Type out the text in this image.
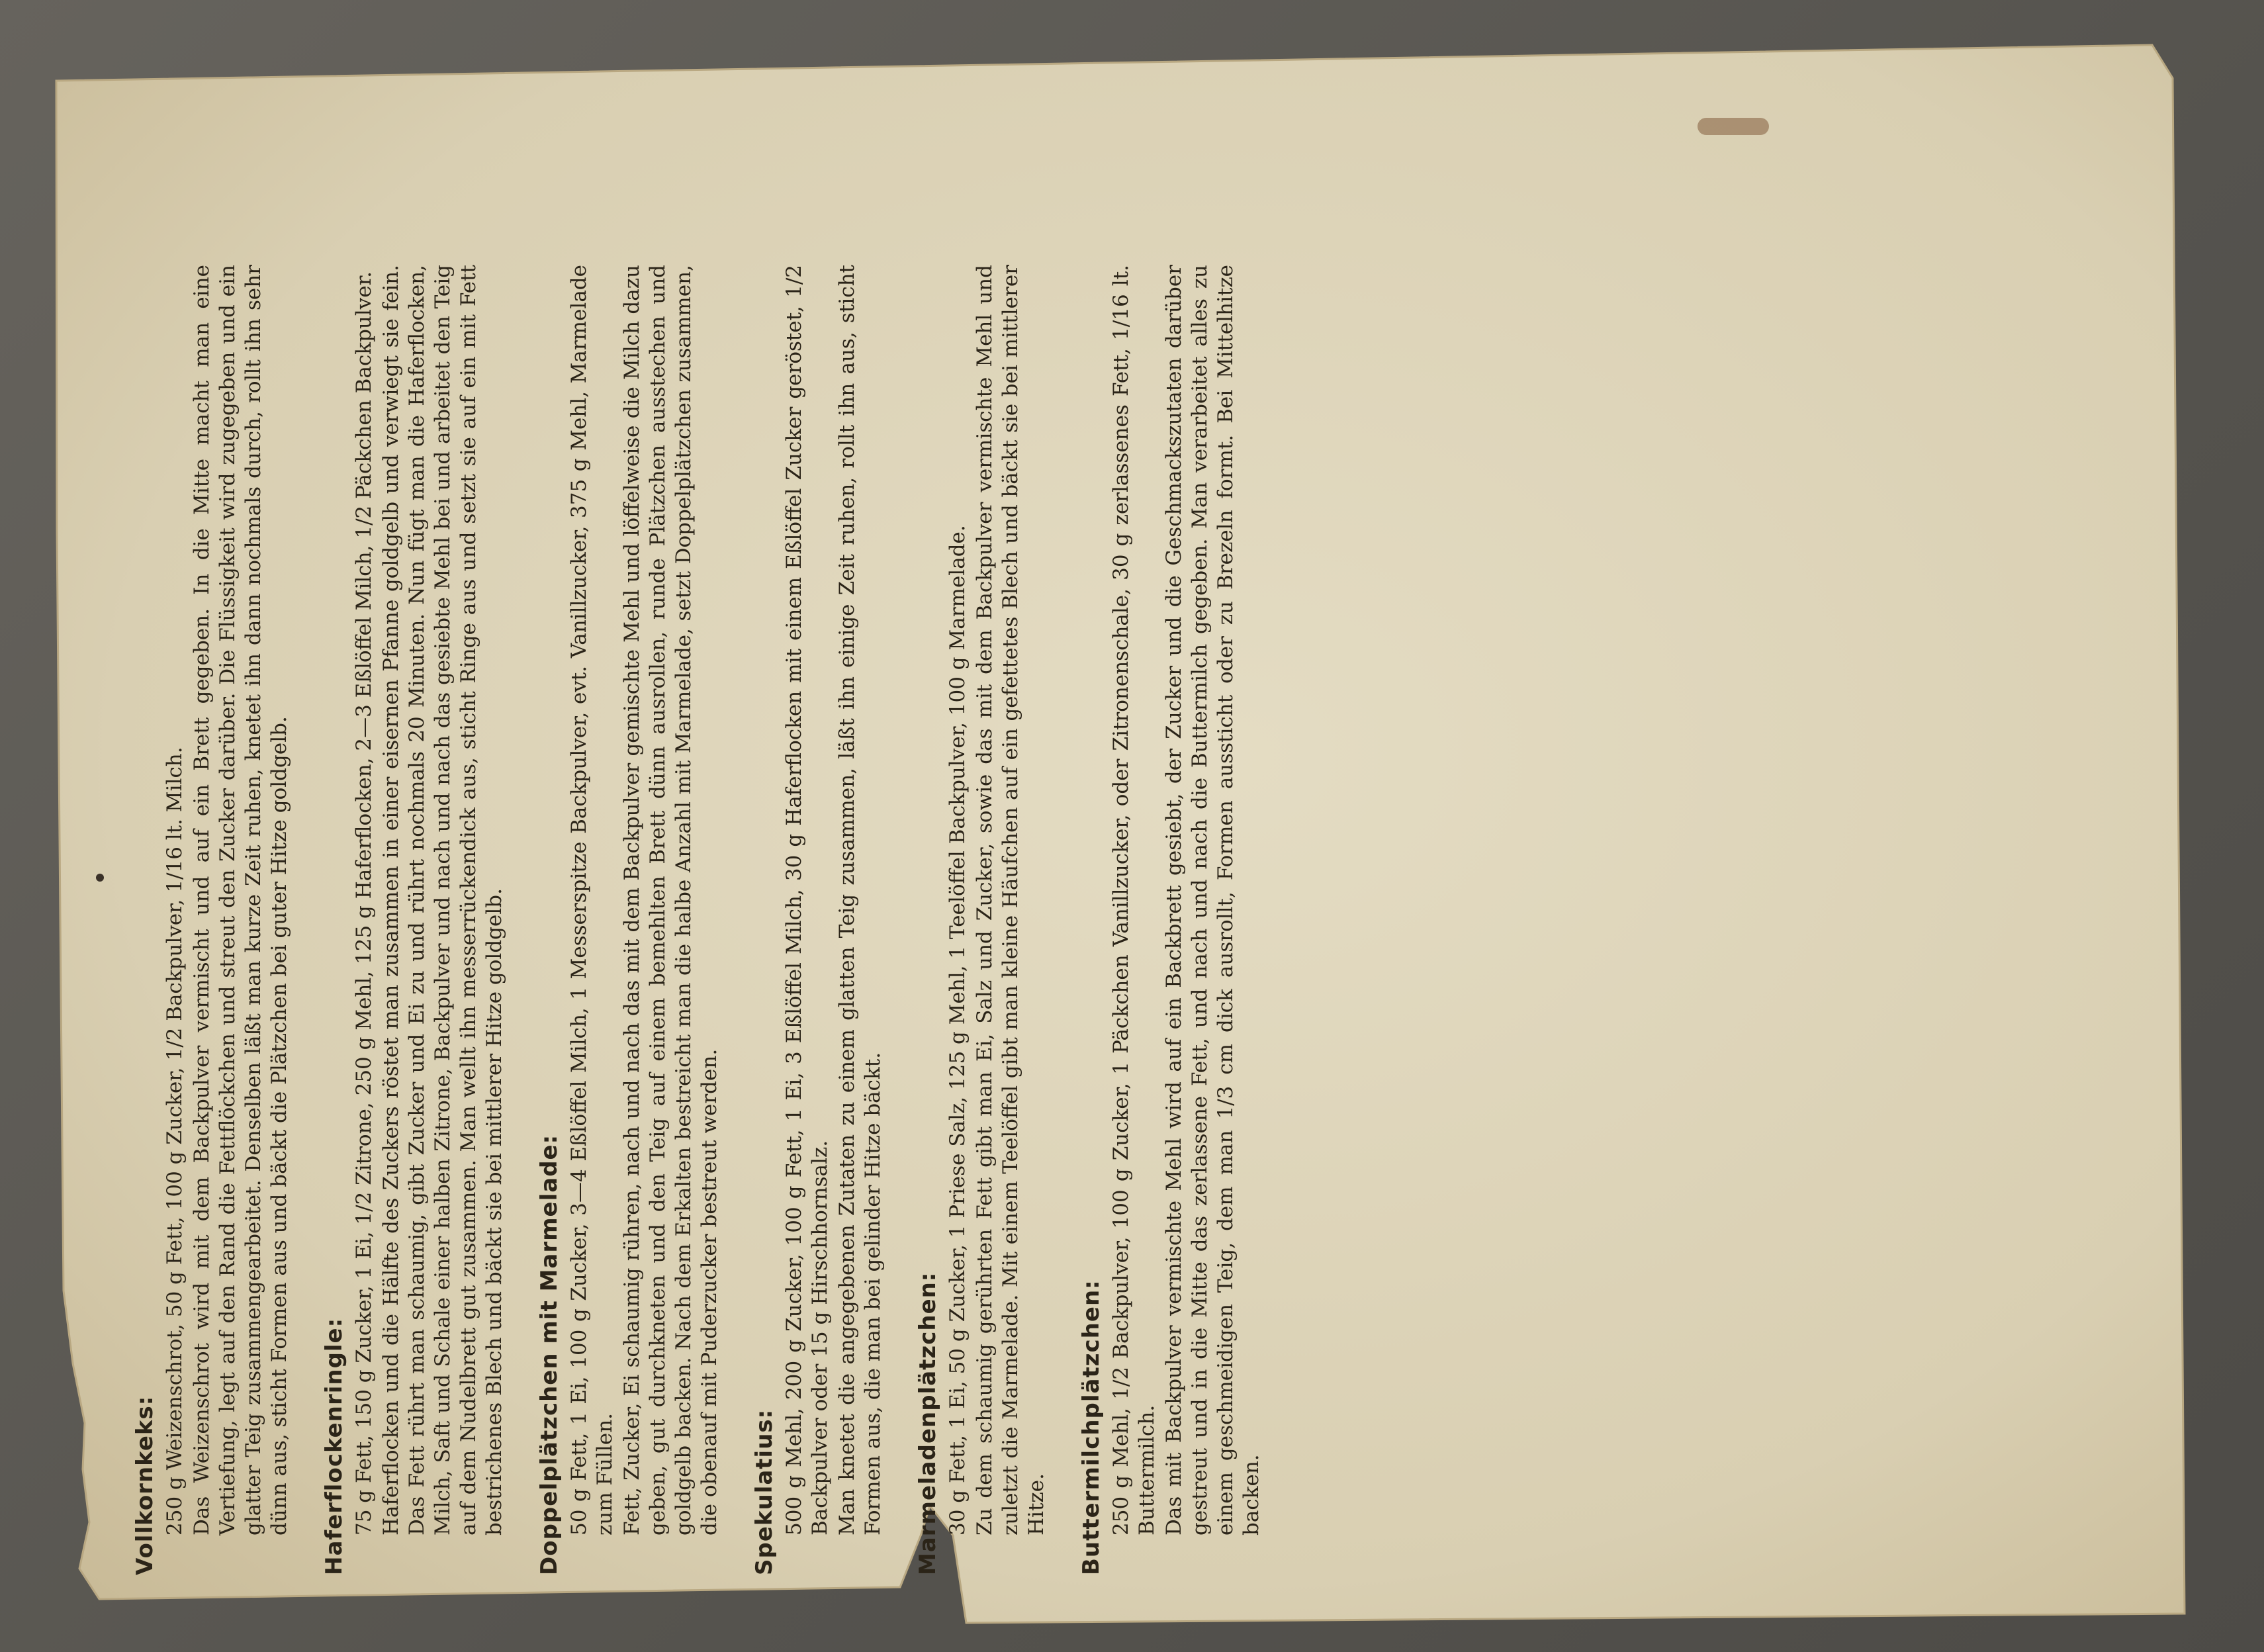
Vollkornkeks: 250 g Weizenschrot, 50 g Fett, 100 g Zucker, 1/2 Backpulver, 1/16 lt. Milch. Das Weizenschrot wird mit dem Backpulver vermischt und auf ein Brett gegeben. In die Mitte macht man eine Vertiefung, legt auf den Rand die Fettflöckchen und streut den Zucker darüber. Die Flüssigkeit wird zugegeben und ein glatter Teig zusammengearbeitet. Denselben läßt man kurze Zeit ruhen, knetet ihn dann nochmals durch, rollt ihn sehr dünn aus, sticht Formen aus und bäckt die Plätzchen bei guter Hitze goldgelb. Haferflockenringle: 75 g Fett, 150 g Zucker, 1 Ei, 1/2 Zitrone, 250 g Mehl, 125 g Haferflocken, 2—3 Eßlöffel Milch, 1/2 Päckchen Backpulver. Haferflocken und die Hälfte des Zuckers röstet man zusammen in einer eisernen Pfanne goldgelb und verwiegt sie fein. Das Fett rührt man schaumig, gibt Zucker und Ei zu und rührt nochmals 20 Minuten. Nun fügt man die Haferflocken, Milch, Saft und Schale einer halben Zitrone, Backpulver und nach und nach das gesiebte Mehl bei und arbeitet den Teig auf dem Nudelbrett gut zusammen. Man wellt ihn messerrückendick aus, sticht Ringe aus und setzt sie auf ein mit Fett bestrichenes Blech und bäckt sie bei mittlerer Hitze goldgelb. Doppelplätzchen mit Marmelade: 50 g Fett, 1 Ei, 100 g Zucker, 3—4 Eßlöffel Milch, 1 Messerspitze Backpulver, evt. Vanillzucker, 375 g Mehl, Marmelade zum Füllen. Fett, Zucker, Ei schaumig rühren, nach und nach das mit dem Backpulver gemischte Mehl und löffelweise die Milch dazu geben, gut durchkneten und den Teig auf einem bemehlten Brett dünn ausrollen, runde Plätzchen ausstechen und goldgelb backen. Nach dem Erkalten bestreicht man die halbe Anzahl mit Marmelade, setzt Doppelplätzchen zusammen, die obenauf mit Puderzucker bestreut werden. Spekulatius: 500 g Mehl, 200 g Zucker, 100 g Fett, 1 Ei, 3 Eßlöffel Milch, 30 g Haferflocken mit einem Eßlöffel Zucker geröstet, 1/2 Backpulver oder 15 g Hirschhornsalz. Man knetet die angegebenen Zutaten zu einem glatten Teig zusammen, läßt ihn einige Zeit ruhen, rollt ihn aus, sticht Formen aus, die man bei gelinder Hitze bäckt. Marmeladenplätzchen: 30 g Fett, 1 Ei, 50 g Zucker, 1 Priese Salz, 125 g Mehl, 1 Teelöffel Backpulver, 100 g Marmelade. Zu dem schaumig gerührten Fett gibt man Ei, Salz und Zucker, sowie das mit dem Backpulver vermischte Mehl und zuletzt die Marmelade. Mit einem Teelöffel gibt man kleine Häufchen auf ein gefettetes Blech und bäckt sie bei mittlerer Hitze. Buttermilchplätzchen: 250 g Mehl, 1/2 Backpulver, 100 g Zucker, 1 Päckchen Vanillzucker, oder Zitronenschale, 30 g zerlassenes Fett, 1/16 lt. Buttermilch. Das mit Backpulver vermischte Mehl wird auf ein Backbrett gesiebt, der Zucker und die Geschmackszutaten darüber gestreut und in die Mitte das zerlassene Fett, und nach und nach die Buttermilch gegeben. Man verarbeitet alles zu einem geschmeidigen Teig, dem man 1/3 cm dick ausrollt, Formen aussticht oder zu Brezeln formt. Bei Mittelhitze backen.
